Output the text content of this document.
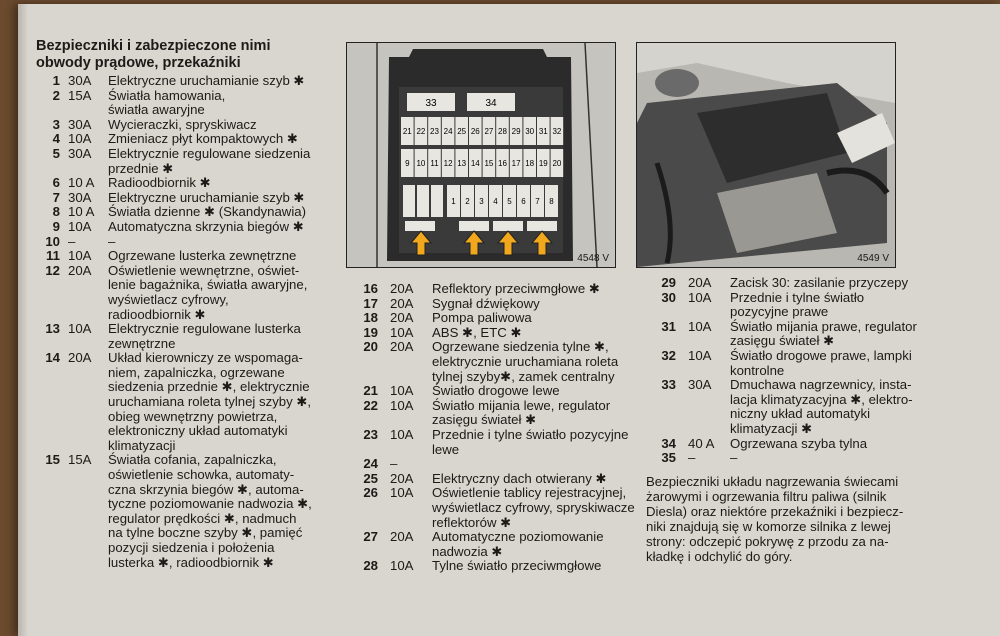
Bezpieczniki i zabezpieczone nimi
obwody prądowe, przekaźniki
1 30A	Elektryczne uruchamianie szyb ✱
2 15A	Światła hamowania,
światła awaryjne
3 30A	Wycieraczki, spryskiwacz
4 10A	Zmieniacz płyt kompaktowych ✱
5 30A	Elektrycznie regulowane siedzenia
przednie ✱
6 10 A	Radioodbiornik ✱
7 30A	Elektryczne uruchamianie szyb ✱
8 10 A	Światła dzienne ✱ (Skandynawia)
9 10A	Automatyczna skrzynia biegów ✱
10 –	–
11 10A	Ogrzewane lusterka zewnętrzne
12 20A	Oświetlenie wewnętrzne, oświet-
lenie bagażnika, światła awaryjne,
wyświetlacz cyfrowy,
radioodbiornik ✱
13 10A	Elektrycznie regulowane lusterka
zewnętrzne
14 20A	Układ kierowniczy ze wspomaga-
niem, zapalniczka, ogrzewane
siedzenia przednie ✱, elektrycznie
uruchamiana roleta tylnej szyby ✱,
obieg wewnętrzny powietrza,
elektroniczny układ automatyki
klimatyzacji
15 15A	Światła cofania, zapalniczka,
oświetlenie schowka, automaty-
czna skrzynia biegów ✱, automa-
tyczne poziomowanie nadwozia ✱,
regulator prędkości ✱, nadmuch
na tylne boczne szyby ✱, pamięć
pozycji siedzenia i położenia
lusterka ✱, radioodbiornik ✱
33	34
21 22 23 24 25 26 27 28 29 30 31 32
9 10 11 12 13 14 15 16 17 18 19 20
1 2 3 4 5 6 7 8
4548 V	4549 V
16 20A	Reflektory przeciwmgłowe ✱
17 20A	Sygnał dźwiękowy
18 20A	Pompa paliwowa
19 10A	ABS ✱, ETC ✱
20 20A	Ogrzewane siedzenia tylne ✱,
elektrycznie uruchamiana roleta
tylnej szyby✱, zamek centralny
21 10A	Światło drogowe lewe
22 10A	Światło mijania lewe, regulator
zasięgu świateł ✱
23 10A	Przednie i tylne światło pozycyjne
lewe
24 –
25 20A	Elektryczny dach otwierany ✱
26 10A	Oświetlenie tablicy rejestracyjnej,
wyświetlacz cyfrowy, spryskiwacze
reflektorów ✱
27 20A	Automatyczne poziomowanie
nadwozia ✱
28 10A	Tylne światło przeciwmgłowe
29 20A	Zacisk 30: zasilanie przyczepy
30 10A	Przednie i tylne światło
pozycyjne prawe
31 10A	Światło mijania prawe, regulator
zasięgu świateł ✱
32 10A	Światło drogowe prawe, lampki
kontrolne
33 30A	Dmuchawa nagrzewnicy, insta-
lacja klimatyzacyjna ✱, elektro-
niczny układ automatyki
klimatyzacji ✱
34 40 A	Ogrzewana szyba tylna
35 –	–
Bezpieczniki układu nagrzewania świecami
żarowymi i ogrzewania filtru paliwa (silnik
Diesla) oraz niektóre przekaźniki i bezpiecz-
niki znajdują się w komorze silnika z lewej
strony: odczepić pokrywę z przodu za na-
kładkę i odchylić do góry.
